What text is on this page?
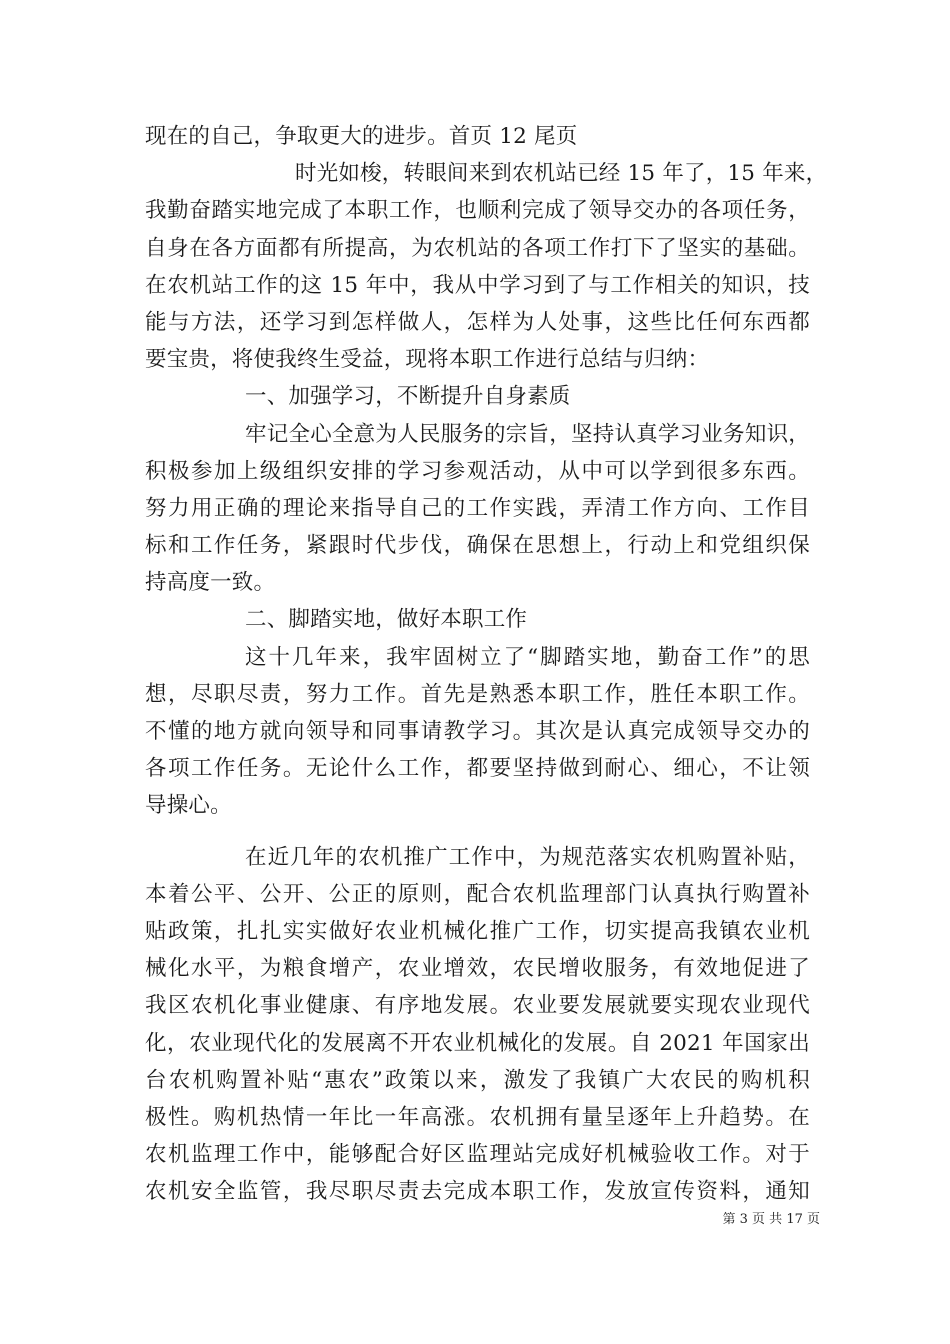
现在的自己，争取更大的进步。首页 12 尾页
时光如梭，转眼间来到农机站已经 15 年了，15 年来，
我勤奋踏实地完成了本职工作，也顺利完成了领导交办的各项任务，
自身在各方面都有所提高，为农机站的各项工作打下了坚实的基础。
在农机站工作的这 15 年中，我从中学习到了与工作相关的知识，技
能与方法，还学习到怎样做人，怎样为人处事，这些比任何东西都
要宝贵，将使我终生受益，现将本职工作进行总结与归纳：
一、加强学习，不断提升自身素质
牢记全心全意为人民服务的宗旨，坚持认真学习业务知识，
积极参加上级组织安排的学习参观活动，从中可以学到很多东西。
努力用正确的理论来指导自己的工作实践，弄清工作方向、工作目
标和工作任务，紧跟时代步伐，确保在思想上，行动上和党组织保
持高度一致。
二、脚踏实地，做好本职工作
这十几年来，我牢固树立了“脚踏实地，勤奋工作”的思
想，尽职尽责，努力工作。首先是熟悉本职工作，胜任本职工作。
不懂的地方就向领导和同事请教学习。其次是认真完成领导交办的
各项工作任务。无论什么工作，都要坚持做到耐心、细心，不让领
导操心。
在近几年的农机推广工作中，为规范落实农机购置补贴，
本着公平、公开、公正的原则，配合农机监理部门认真执行购置补
贴政策，扎扎实实做好农业机械化推广工作，切实提高我镇农业机
械化水平，为粮食增产，农业增效，农民增收服务，有效地促进了
我区农机化事业健康、有序地发展。农业要发展就要实现农业现代
化，农业现代化的发展离不开农业机械化的发展。自 2021 年国家出
台农机购置补贴“惠农”政策以来，激发了我镇广大农民的购机积
极性。购机热情一年比一年高涨。农机拥有量呈逐年上升趋势。在
农机监理工作中，能够配合好区监理站完成好机械验收工作。对于
农机安全监管，我尽职尽责去完成本职工作，发放宣传资料，通知
第 3 页 共 17 页
